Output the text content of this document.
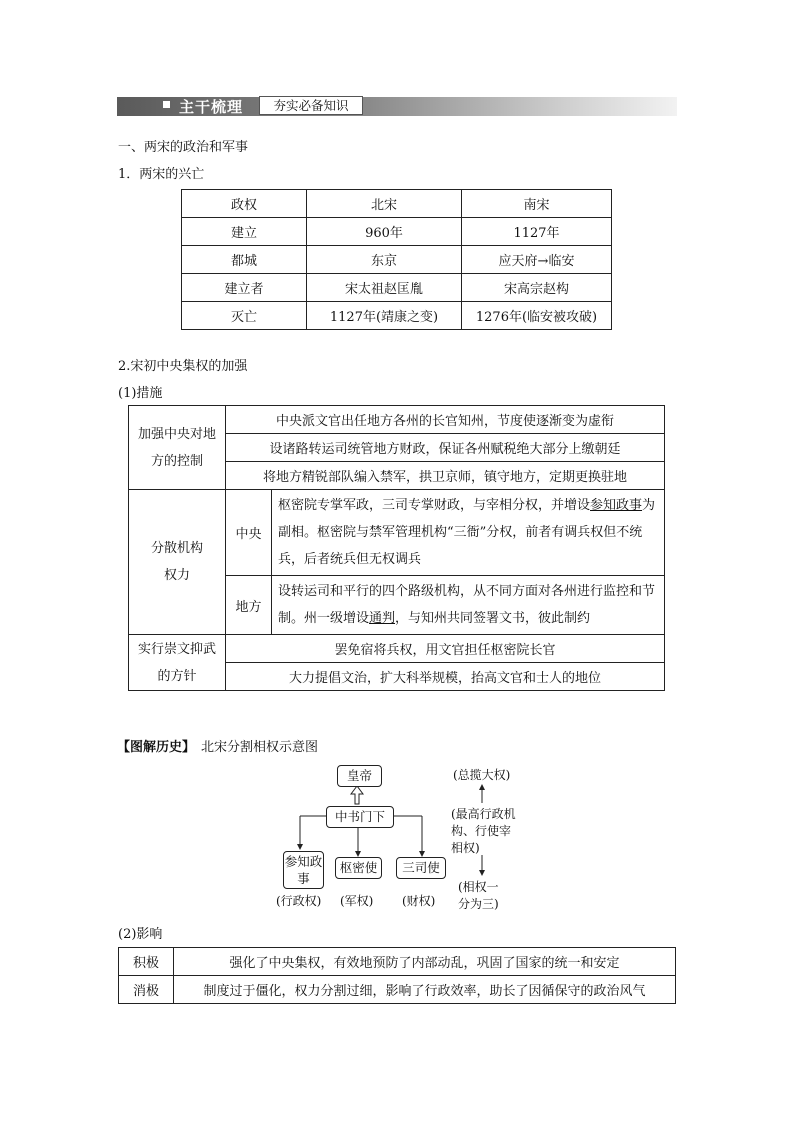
主干梳理	夯实必备知识
一、两宋的政治和军事
1．两宋的兴亡
政权	北宋	南宋
建立	960年	1127年
都城	东京	应天府→临安
建立者	宋太祖赵匡胤	宋高宗赵构
灭亡	1127年(靖康之变)	1276年(临安被攻破)
2.宋初中央集权的加强
(1)措施
加强中央对地方的控制	中央派文官出任地方各州的长官知州，节度使逐渐变为虚衔	
	设诸路转运司统管地方财政，保证各州赋税绝大部分上缴朝廷	
	将地方精锐部队编入禁军，拱卫京师，镇守地方，定期更换驻地	
分散机构权力	中央	枢密院专掌军政，三司专掌财政，与宰相分权，并增设参知政事为副相。枢密院与禁军管理机构“三衙”分权，前者有调兵权但不统兵，后者统兵但无权调兵
	地方	设转运司和平行的四个路级机构，从不同方面对各州进行监控和节制。州一级增设通判，与知州共同签署文书，彼此制约
实行崇文抑武的方针	罢免宿将兵权，用文官担任枢密院长官	
	大力提倡文治，扩大科举规模，抬高文官和士人的地位	
【图解历史】 北宋分割相权示意图
皇帝
中书门下
参知政事
枢密使	三司使
(行政权) (军权) (财权)
(总揽大权)
(最高行政机构、行使宰相权)
(相权一分为三)
(2)影响
积极	强化了中央集权，有效地预防了内部动乱，巩固了国家的统一和安定
消极	制度过于僵化，权力分割过细，影响了行政效率，助长了因循保守的政治风气
